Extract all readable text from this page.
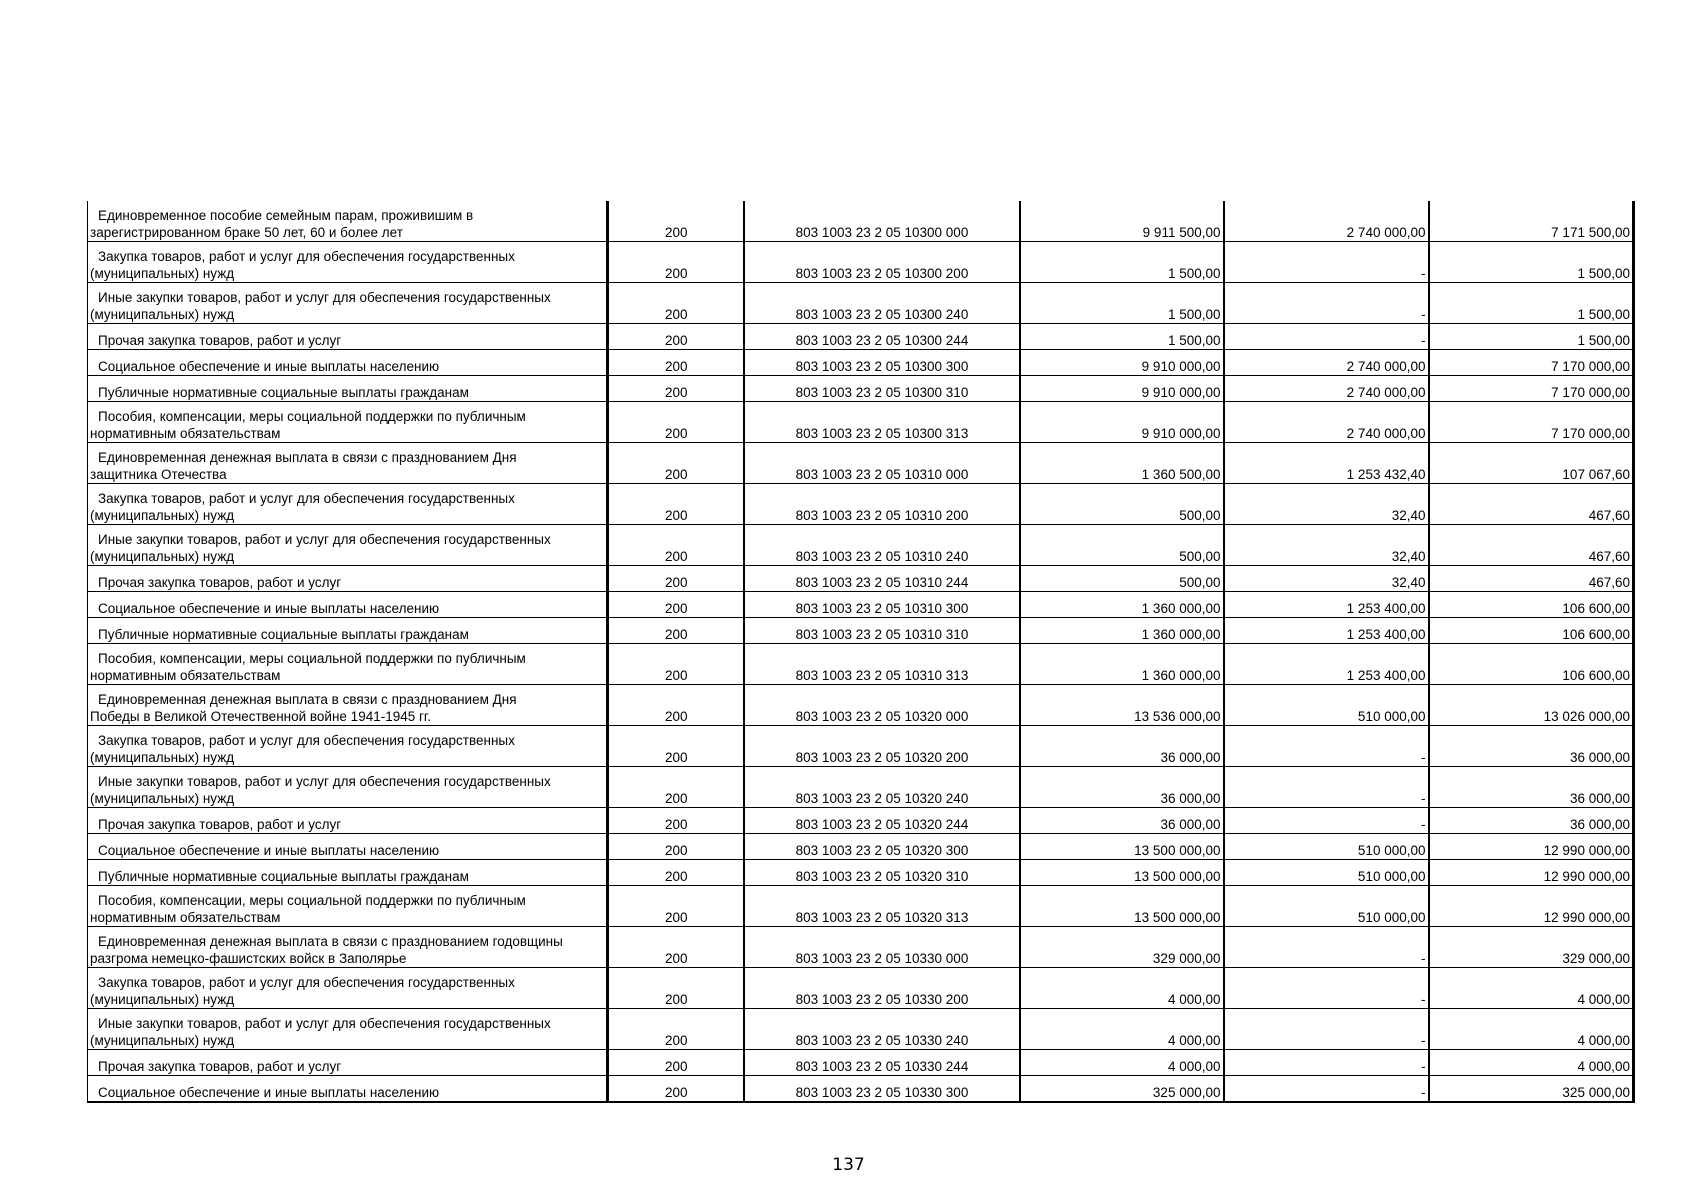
Единовременное пособие семейным парам, проживишим в
зарегистрированном браке 50 лет, 60 и более лет	200	803 1003 23 2 05 10300 000	9 911 500,00	2 740 000,00	7 171 500,00

Закупка товаров, работ и услуг для обеспечения государственных
(муниципальных) нужд	200	803 1003 23 2 05 10300 200	1 500,00	-	1 500,00

Иные закупки товаров, работ и услуг для обеспечения государственных
(муниципальных) нужд	200	803 1003 23 2 05 10300 240	1 500,00	-	1 500,00

Прочая закупка товаров, работ и услуг	200	803 1003 23 2 05 10300 244	1 500,00	-	1 500,00

Социальное обеспечение и иные выплаты населению	200	803 1003 23 2 05 10300 300	9 910 000,00	2 740 000,00	7 170 000,00

Публичные нормативные социальные выплаты гражданам	200	803 1003 23 2 05 10300 310	9 910 000,00	2 740 000,00	7 170 000,00

Пособия, компенсации, меры социальной поддержки по публичным
нормативным обязательствам	200	803 1003 23 2 05 10300 313	9 910 000,00	2 740 000,00	7 170 000,00

Единовременная денежная выплата в связи с празднованием Дня
защитника Отечества	200	803 1003 23 2 05 10310 000	1 360 500,00	1 253 432,40	107 067,60

Закупка товаров, работ и услуг для обеспечения государственных
(муниципальных) нужд	200	803 1003 23 2 05 10310 200	500,00	32,40	467,60

Иные закупки товаров, работ и услуг для обеспечения государственных
(муниципальных) нужд	200	803 1003 23 2 05 10310 240	500,00	32,40	467,60

Прочая закупка товаров, работ и услуг	200	803 1003 23 2 05 10310 244	500,00	32,40	467,60

Социальное обеспечение и иные выплаты населению	200	803 1003 23 2 05 10310 300	1 360 000,00	1 253 400,00	106 600,00

Публичные нормативные социальные выплаты гражданам	200	803 1003 23 2 05 10310 310	1 360 000,00	1 253 400,00	106 600,00

Пособия, компенсации, меры социальной поддержки по публичным
нормативным обязательствам	200	803 1003 23 2 05 10310 313	1 360 000,00	1 253 400,00	106 600,00

Единовременная денежная выплата в связи с празднованием Дня
Победы в Великой Отечественной войне 1941-1945 гг.	200	803 1003 23 2 05 10320 000	13 536 000,00	510 000,00	13 026 000,00

Закупка товаров, работ и услуг для обеспечения государственных
(муниципальных) нужд	200	803 1003 23 2 05 10320 200	36 000,00	-	36 000,00

Иные закупки товаров, работ и услуг для обеспечения государственных
(муниципальных) нужд	200	803 1003 23 2 05 10320 240	36 000,00	-	36 000,00

Прочая закупка товаров, работ и услуг	200	803 1003 23 2 05 10320 244	36 000,00	-	36 000,00

Социальное обеспечение и иные выплаты населению	200	803 1003 23 2 05 10320 300	13 500 000,00	510 000,00	12 990 000,00

Публичные нормативные социальные выплаты гражданам	200	803 1003 23 2 05 10320 310	13 500 000,00	510 000,00	12 990 000,00

Пособия, компенсации, меры социальной поддержки по публичным
нормативным обязательствам	200	803 1003 23 2 05 10320 313	13 500 000,00	510 000,00	12 990 000,00

Единовременная денежная выплата в связи с празднованием годовщины
разгрома немецко-фашистских войск в Заполярье	200	803 1003 23 2 05 10330 000	329 000,00	-	329 000,00

Закупка товаров, работ и услуг для обеспечения государственных
(муниципальных) нужд	200	803 1003 23 2 05 10330 200	4 000,00	-	4 000,00

Иные закупки товаров, работ и услуг для обеспечения государственных
(муниципальных) нужд	200	803 1003 23 2 05 10330 240	4 000,00	-	4 000,00

Прочая закупка товаров, работ и услуг	200	803 1003 23 2 05 10330 244	4 000,00	-	4 000,00

Социальное обеспечение и иные выплаты населению	200	803 1003 23 2 05 10330 300	325 000,00	-	325 000,00
137
